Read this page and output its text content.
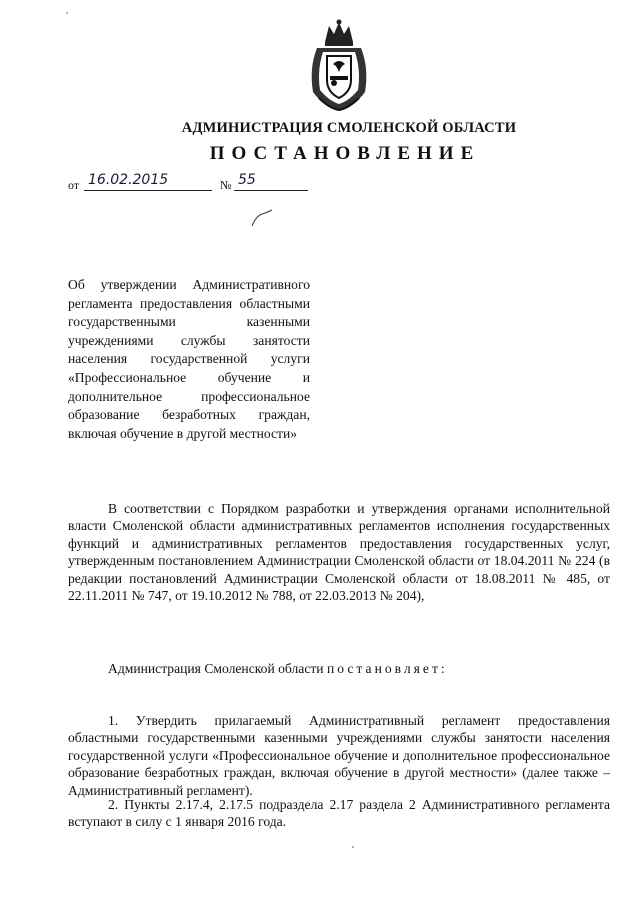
АДМИНИСТРАЦИЯ СМОЛЕНСКОЙ ОБЛАСТИ
ПОСТАНОВЛЕНИЕ
от 16.02.2015	№ 55

Об утверждении Административного регламента предоставления областными государственными казенными учреждениями службы занятости населения государственной услуги «Профессиональное обучение и дополнительное профессиональное образование безработных граждан, включая обучение в другой местности»

В соответствии с Порядком разработки и утверждения органами исполнительной власти Смоленской области административных регламентов исполнения государственных функций и административных регламентов предоставления государственных услуг, утвержденным постановлением Администрации Смоленской области от 18.04.2011 № 224 (в редакции постановлений Администрации Смоленской области от 18.08.2011 № 485, от 22.11.2011 № 747, от 19.10.2012 № 788, от 22.03.2013 № 204),

Администрация Смоленской области постановляет:

1. Утвердить прилагаемый Административный регламент предоставления областными государственными казенными учреждениями службы занятости населения государственной услуги «Профессиональное обучение и дополнительное профессиональное образование безработных граждан, включая обучение в другой местности» (далее также – Административный регламент).

2. Пункты 2.17.4, 2.17.5 подраздела 2.17 раздела 2 Административного регламента вступают в силу с 1 января 2016 года.
